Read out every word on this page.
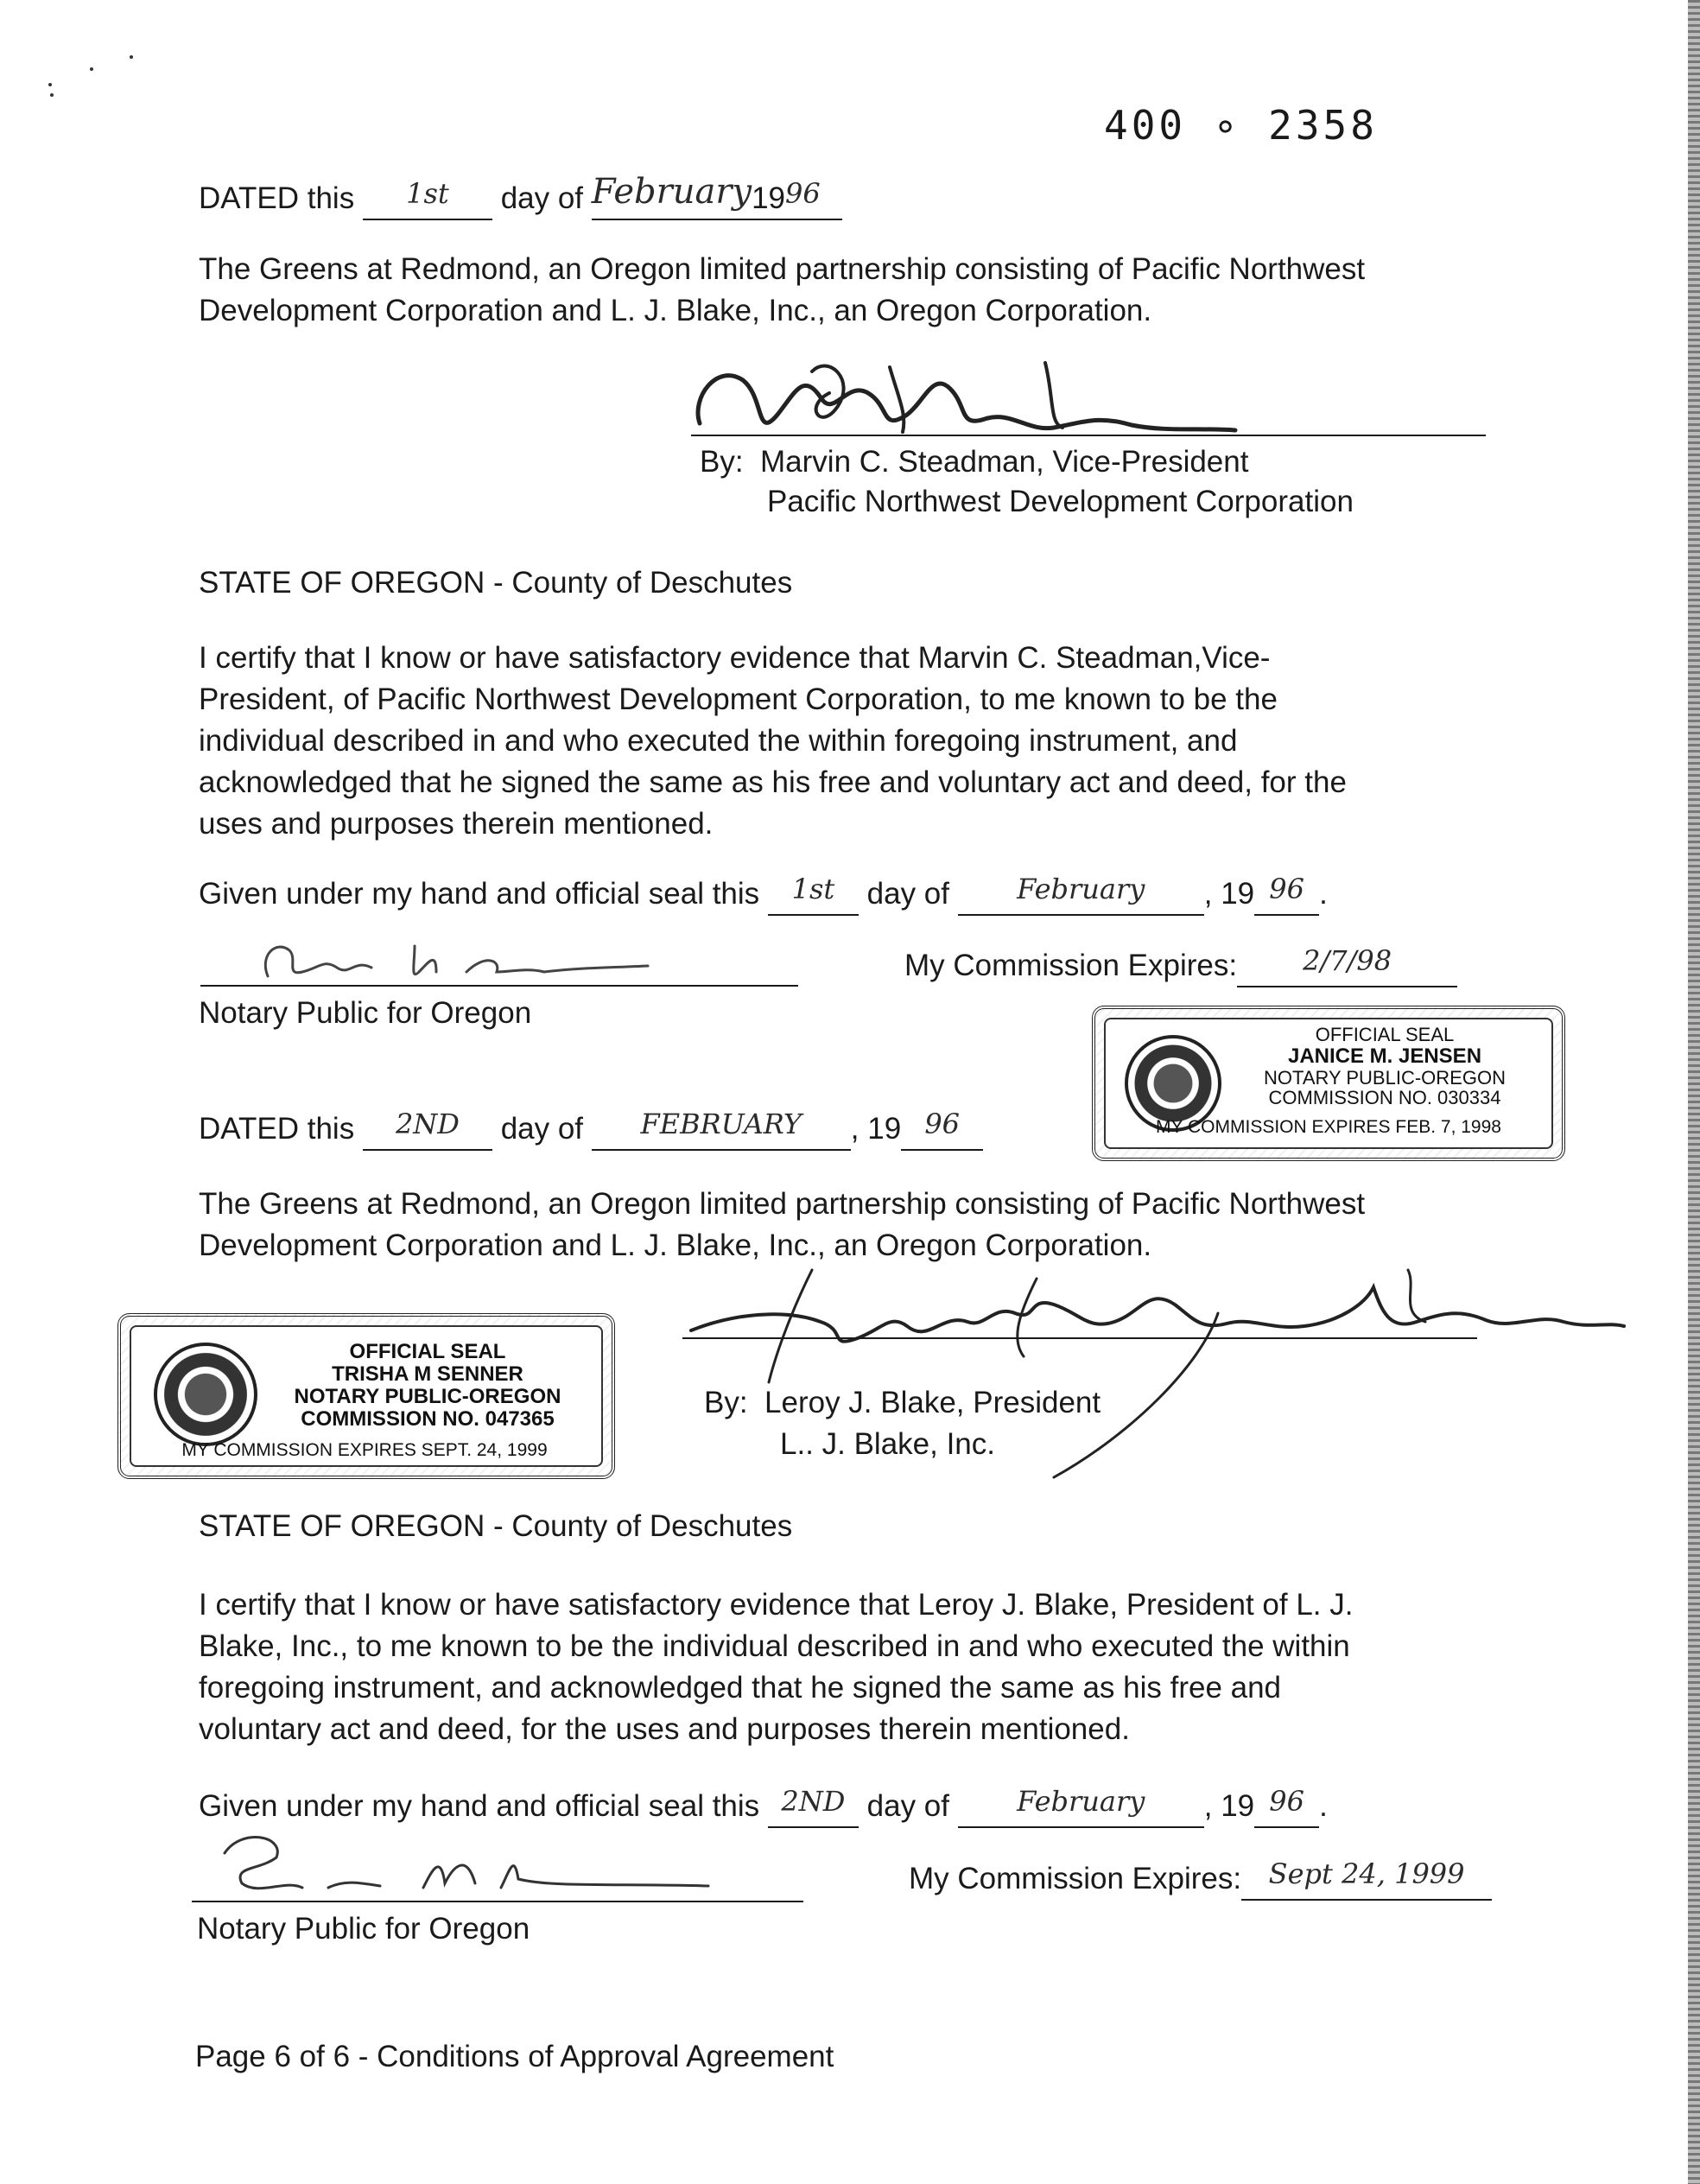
400 ∘ 2358
DATED this 1st day of February1996
The Greens at Redmond, an Oregon limited partnership consisting of Pacific Northwest
Development Corporation and L. J. Blake, Inc., an Oregon Corporation.
By: Marvin C. Steadman, Vice-President
Pacific Northwest Development Corporation
STATE OF OREGON - County of Deschutes
I certify that I know or have satisfactory evidence that Marvin C. Steadman,Vice-
President, of Pacific Northwest Development Corporation, to me known to be the
individual described in and who executed the within foregoing instrument, and
acknowledged that he signed the same as his free and voluntary act and deed, for the
uses and purposes therein mentioned.
Given under my hand and official seal this 1st day of February , 19 96 .
Notary Public for Oregon
My Commission Expires: 2/7/98
OFFICIAL SEAL
JANICE M. JENSEN
NOTARY PUBLIC-OREGON
COMMISSION NO. 030334
MY COMMISSION EXPIRES FEB. 7, 1998
DATED this 2ND day of FEBRUARY , 19 96
The Greens at Redmond, an Oregon limited partnership consisting of Pacific Northwest
Development Corporation and L. J. Blake, Inc., an Oregon Corporation.
OFFICIAL SEAL
TRISHA M SENNER
NOTARY PUBLIC-OREGON
COMMISSION NO. 047365
MY COMMISSION EXPIRES SEPT. 24, 1999
By: Leroy J. Blake, President
L.. J. Blake, Inc.
STATE OF OREGON - County of Deschutes
I certify that I know or have satisfactory evidence that Leroy J. Blake, President of L. J.
Blake, Inc., to me known to be the individual described in and who executed the within
foregoing instrument, and acknowledged that he signed the same as his free and
voluntary act and deed, for the uses and purposes therein mentioned.
Given under my hand and official seal this 2ND day of February , 19 96 .
Notary Public for Oregon
My Commission Expires: Sept 24, 1999
Page 6 of 6 - Conditions of Approval Agreement
